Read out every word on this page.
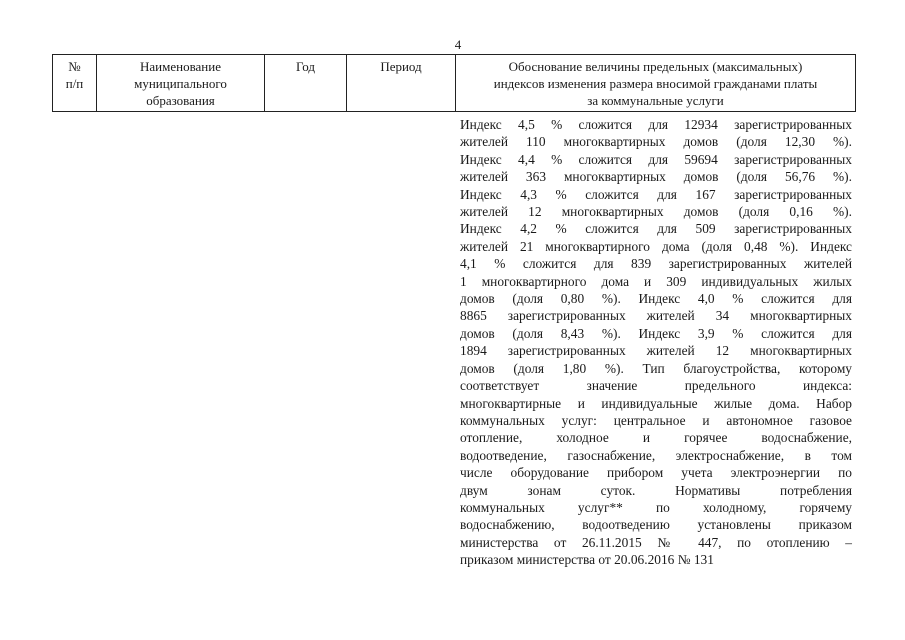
4
№
п/п
Наименование
муниципального
образования
Год	Период	Обоснование величины предельных (максимальных)
индексов изменения размера вносимой гражданами платы
за коммунальные услуги
Индекс 4,5 % сложится для 12934 зарегистрированных
жителей 110 многоквартирных домов (доля 12,30 %).
Индекс 4,4 % сложится для 59694 зарегистрированных
жителей 363 многоквартирных домов (доля 56,76 %).
Индекс 4,3 % сложится для 167 зарегистрированных
жителей 12 многоквартирных домов (доля 0,16 %).
Индекс 4,2 % сложится для 509 зарегистрированных
жителей 21 многоквартирного дома (доля 0,48 %). Индекс
4,1 % сложится для 839 зарегистрированных жителей
1 многоквартирного дома и 309 индивидуальных жилых
домов (доля 0,80 %). Индекс 4,0 % сложится для
8865 зарегистрированных жителей 34 многоквартирных
домов (доля 8,43 %). Индекс 3,9 % сложится для
1894 зарегистрированных жителей 12 многоквартирных
домов (доля 1,80 %). Тип благоустройства, которому
соответствует значение предельного индекса:
многоквартирные и индивидуальные жилые дома. Набор
коммунальных услуг: центральное и автономное газовое
отопление, холодное и горячее водоснабжение,
водоотведение, газоснабжение, электроснабжение, в том
числе оборудование прибором учета электроэнергии по
двум зонам суток. Нормативы потребления
коммунальных услуг** по холодному, горячему
водоснабжению, водоотведению установлены приказом
министерства от 26.11.2015 № 447, по отоплению –
приказом министерства от 20.06.2016 № 131
